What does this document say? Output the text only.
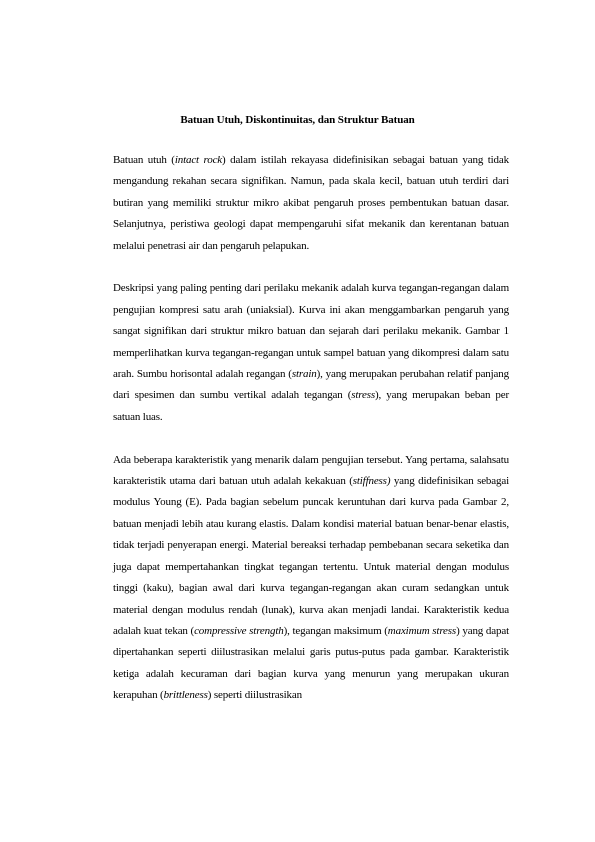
Batuan Utuh, Diskontinuitas, dan Struktur Batuan

Batuan utuh (intact rock) dalam istilah rekayasa didefinisikan sebagai batuan yang tidak mengandung rekahan secara signifikan. Namun, pada skala kecil, batuan utuh terdiri dari butiran yang memiliki struktur mikro akibat pengaruh proses pembentukan batuan dasar. Selanjutnya, peristiwa geologi dapat mempengaruhi sifat mekanik dan kerentanan batuan melalui penetrasi air dan pengaruh pelapukan.

Deskripsi yang paling penting dari perilaku mekanik adalah kurva tegangan-regangan dalam pengujian kompresi satu arah (uniaksial). Kurva ini akan menggambarkan pengaruh yang sangat signifikan dari struktur mikro batuan dan sejarah dari perilaku mekanik. Gambar 1 memperlihatkan kurva tegangan-regangan untuk sampel batuan yang dikompresi dalam satu arah. Sumbu horisontal adalah regangan (strain), yang merupakan perubahan relatif panjang dari spesimen dan sumbu vertikal adalah tegangan (stress), yang merupakan beban per satuan luas.

Ada beberapa karakteristik yang menarik dalam pengujian tersebut. Yang pertama, salahsatu karakteristik utama dari batuan utuh adalah kekakuan (stiffness) yang didefinisikan sebagai modulus Young (E). Pada bagian sebelum puncak keruntuhan dari kurva pada Gambar 2, batuan menjadi lebih atau kurang elastis. Dalam kondisi material batuan benar-benar elastis, tidak terjadi penyerapan energi. Material bereaksi terhadap pembebanan secara seketika dan juga dapat mempertahankan tingkat tegangan tertentu. Untuk material dengan modulus tinggi (kaku), bagian awal dari kurva tegangan-regangan akan curam sedangkan untuk material dengan modulus rendah (lunak), kurva akan menjadi landai. Karakteristik kedua adalah kuat tekan (compressive strength), tegangan maksimum (maximum stress) yang dapat dipertahankan seperti diilustrasikan melalui garis putus-putus pada gambar. Karakteristik ketiga adalah kecuraman dari bagian kurva yang menurun yang merupakan ukuran kerapuhan (brittleness) seperti diilustrasikan
